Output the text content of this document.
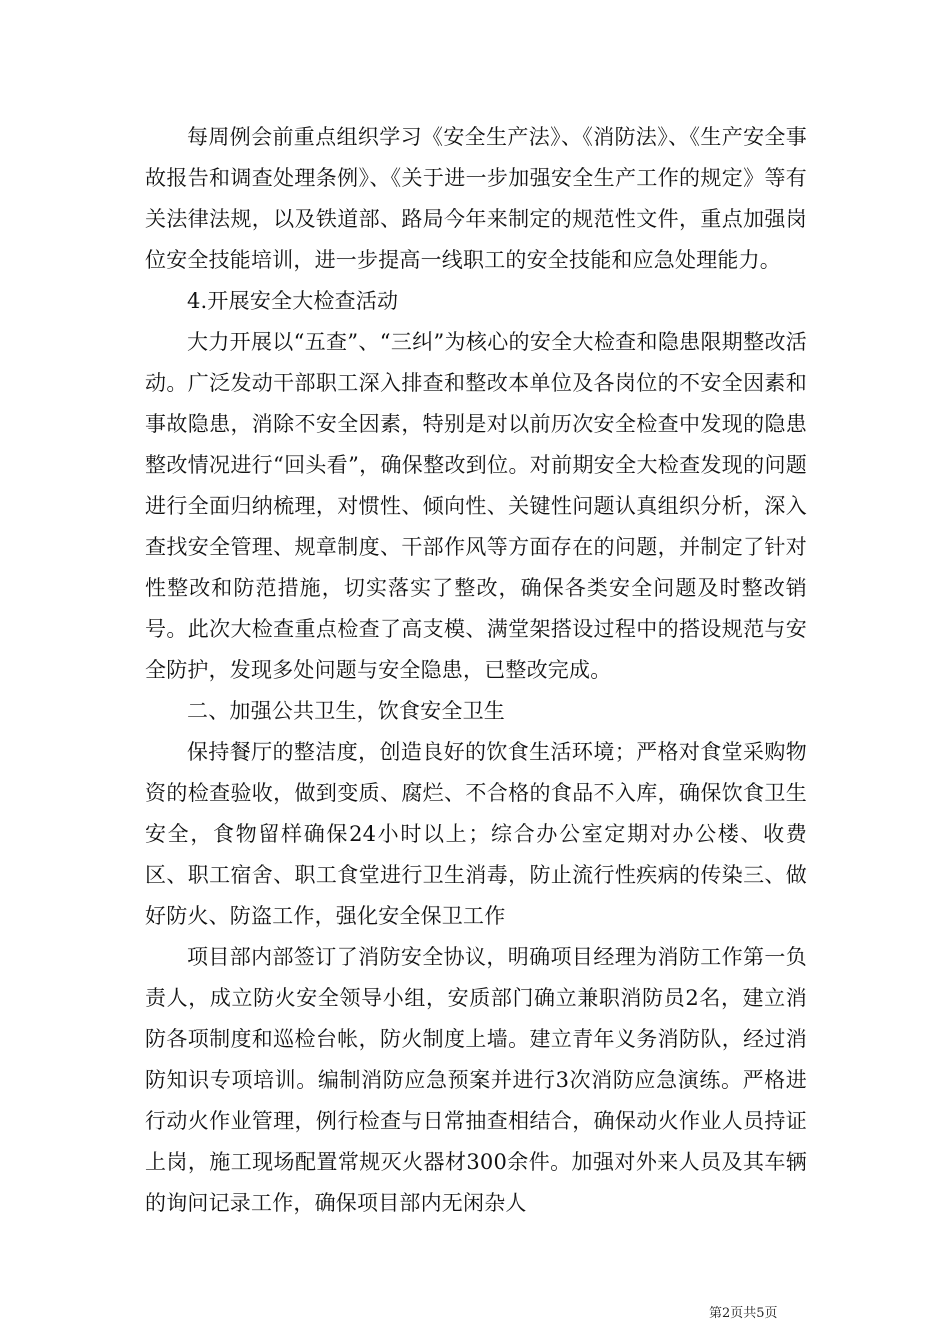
每周例会前重点组织学习《安全生产法》、《消防法》、《生产安全事故报告和调查处理条例》、《关于进一步加强安全生产工作的规定》等有关法律法规，以及铁道部、路局今年来制定的规范性文件，重点加强岗位安全技能培训，进一步提高一线职工的安全技能和应急处理能力。

4.开展安全大检查活动

大力开展以“五查”、“三纠”为核心的安全大检查和隐患限期整改活动。广泛发动干部职工深入排查和整改本单位及各岗位的不安全因素和事故隐患，消除不安全因素，特别是对以前历次安全检查中发现的隐患整改情况进行“回头看”，确保整改到位。对前期安全大检查发现的问题进行全面归纳梳理，对惯性、倾向性、关键性问题认真组织分析，深入查找安全管理、规章制度、干部作风等方面存在的问题，并制定了针对性整改和防范措施，切实落实了整改，确保各类安全问题及时整改销号。此次大检查重点检查了高支模、满堂架搭设过程中的搭设规范与安全防护，发现多处问题与安全隐患，已整改完成。

二、加强公共卫生，饮食安全卫生

保持餐厅的整洁度，创造良好的饮食生活环境；严格对食堂采购物资的检查验收，做到变质、腐烂、不合格的食品不入库，确保饮食卫生安全，食物留样确保24小时以上；综合办公室定期对办公楼、收费区、职工宿舍、职工食堂进行卫生消毒，防止流行性疾病的传染三、做好防火、防盗工作，强化安全保卫工作

项目部内部签订了消防安全协议，明确项目经理为消防工作第一负责人，成立防火安全领导小组，安质部门确立兼职消防员2名，建立消防各项制度和巡检台帐，防火制度上墙。建立青年义务消防队，经过消防知识专项培训。编制消防应急预案并进行3次消防应急演练。严格进行动火作业管理，例行检查与日常抽查相结合，确保动火作业人员持证上岗，施工现场配置常规灭火器材300余件。加强对外来人员及其车辆的询问记录工作，确保项目部内无闲杂人

第2页共5页
